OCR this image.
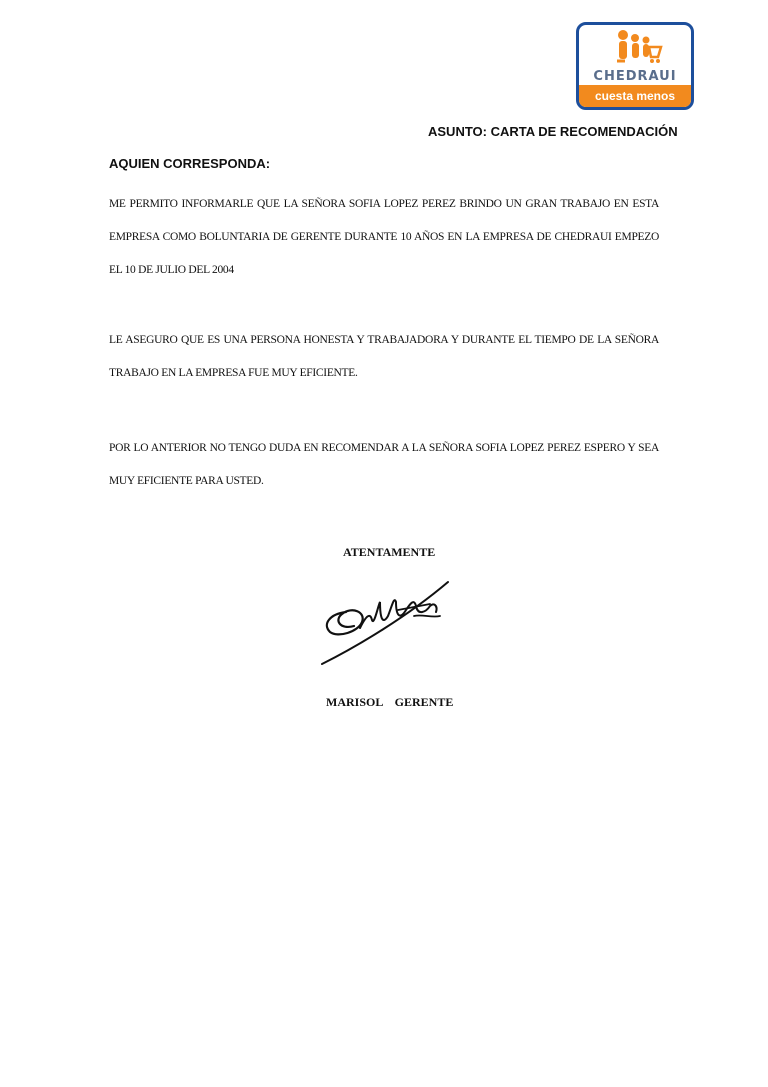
CHEDRAUI
cuesta menos
ASUNTO: CARTA DE RECOMENDACIÓN
AQUIEN CORRESPONDA:
ME PERMITO INFORMARLE QUE LA SEÑORA SOFIA LOPEZ PEREZ BRINDO UN GRAN TRABAJO EN ESTA EMPRESA COMO BOLUNTARIA DE GERENTE DURANTE 10 AÑOS EN LA EMPRESA DE CHEDRAUI EMPEZO EL 10 DE JULIO DEL 2004
LE ASEGURO QUE ES UNA PERSONA HONESTA Y TRABAJADORA Y DURANTE EL TIEMPO DE LA SEÑORA TRABAJO EN LA EMPRESA FUE MUY EFICIENTE.
POR LO ANTERIOR NO TENGO DUDA EN RECOMENDAR A LA SEÑORA SOFIA LOPEZ PEREZ ESPERO Y SEA MUY EFICIENTE PARA USTED.
ATENTAMENTE
MARISOL    GERENTE
